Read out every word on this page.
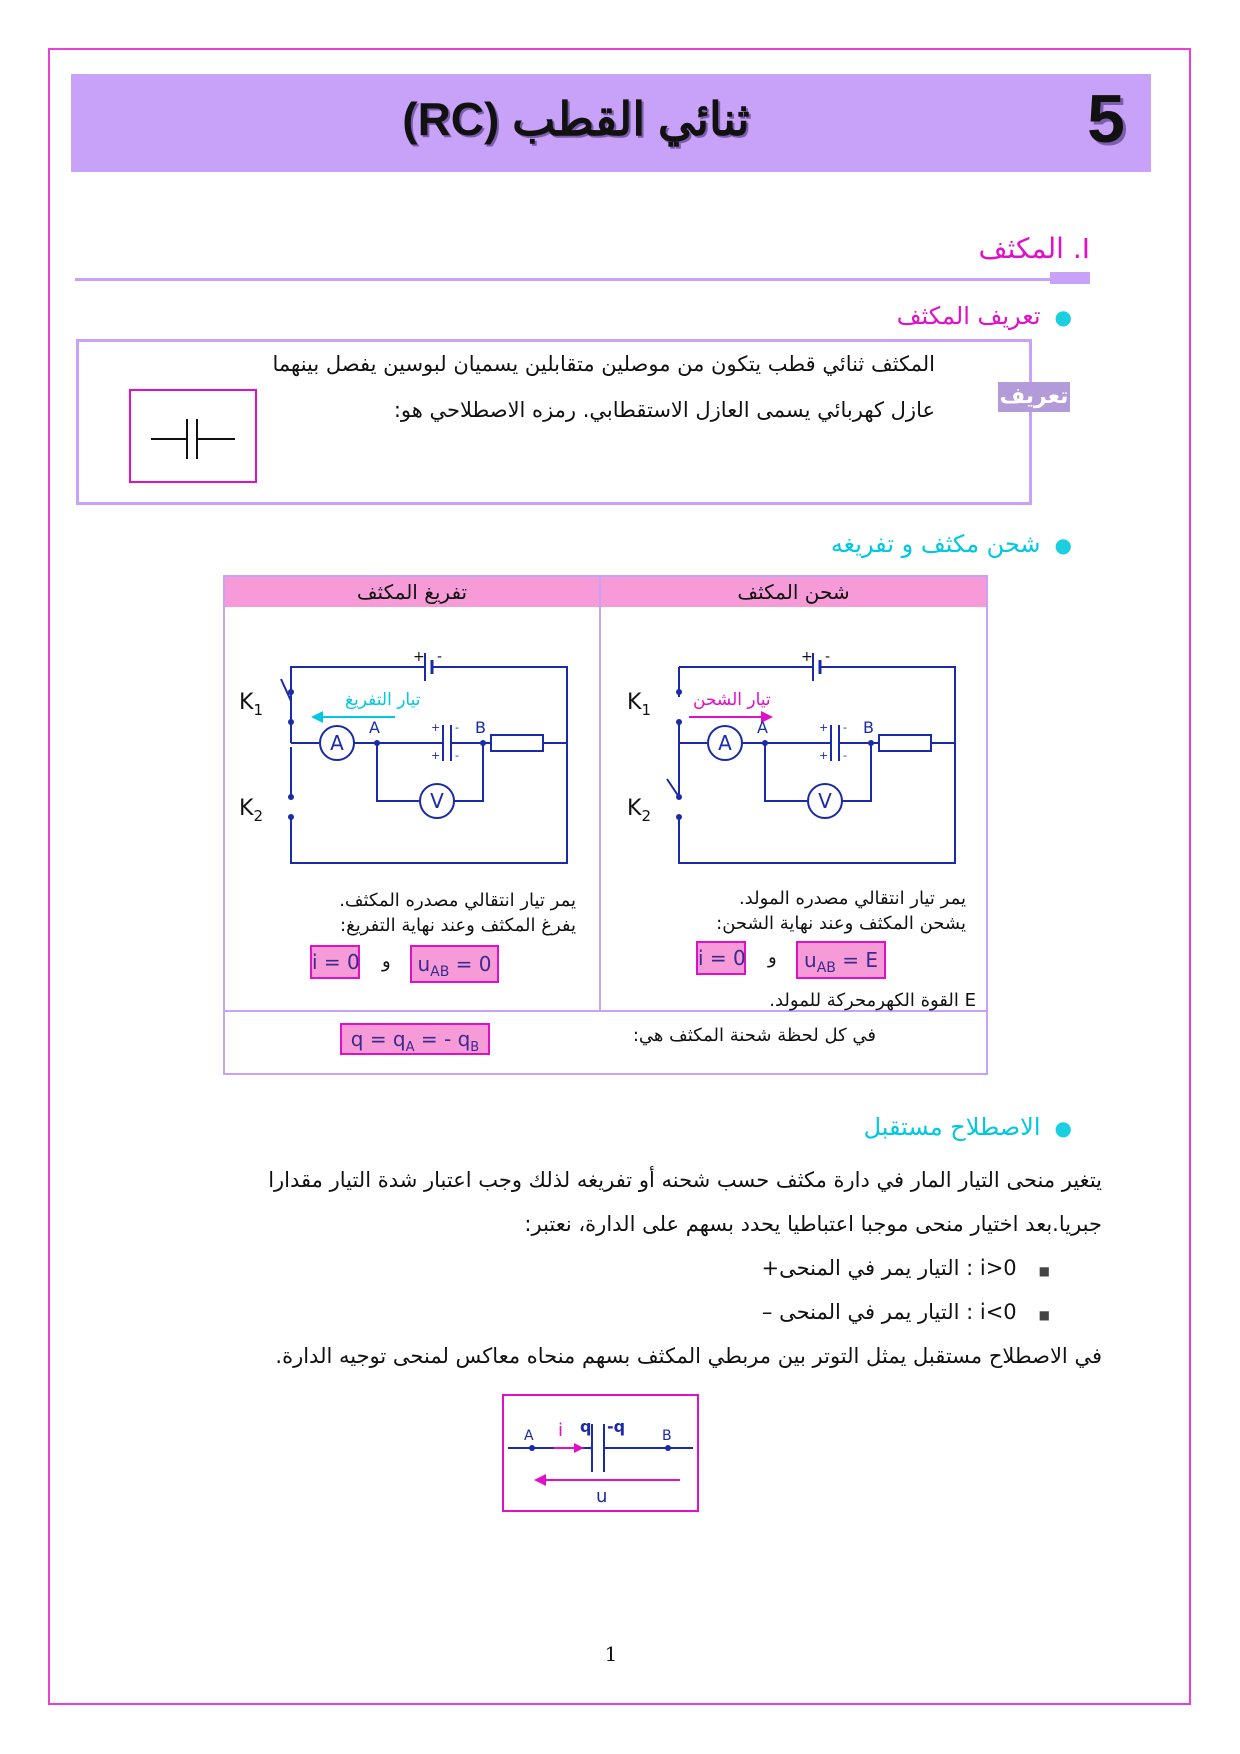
ثنائي القطب (RC)	5
I. المكثف
●تعريف المكثف
المكثف ثنائي قطب يتكون من موصلين متقابلين يسميان لبوسين يفصل بينهما
عازل كهربائي يسمى العازل الاستقطابي. رمزه الاصطلاحي هو:
تعريف
●شحن مكثف و تفريغه
تفريغ المكثف	شحن المكثف
تيار التفريغ
$K_1$
$K_2$
A
V
A	B
+ -
+
+
-
-
تيار الشحن
$K_1$
$K_2$
A
V
A	B
+ -
+
+
-
-
يمر تيار انتقالي مصدره المكثف.
يفرغ المكثف وعند نهاية التفريغ:
i = 0 و	$u_{AB} = 0$
يمر تيار انتقالي مصدره المولد.
يشحن المكثف وعند نهاية الشحن:
i = 0 و	$u_{AB} = E$
E القوة الكهرمحركة للمولد.
في كل لحظة شحنة المكثف هي:
$q = q_A$ = - $q_B$
●الاصطلاح مستقبل
يتغير منحى التيار المار في دارة مكثف حسب شحنه أو تفريغه لذلك وجب اعتبار شدة التيار مقدارا
جبريا.بعد اختيار منحى موجبا اعتباطيا يحدد بسهم على الدارة، نعتبر:
■i>0 : التيار يمر في المنحى+
■i<0 : التيار يمر في المنحى –
في الاصطلاح مستقبل يمثل التوتر بين مربطي المكثف بسهم منحاه معاكس لمنحى توجيه الدارة.
A	B
i q -q
u
1
